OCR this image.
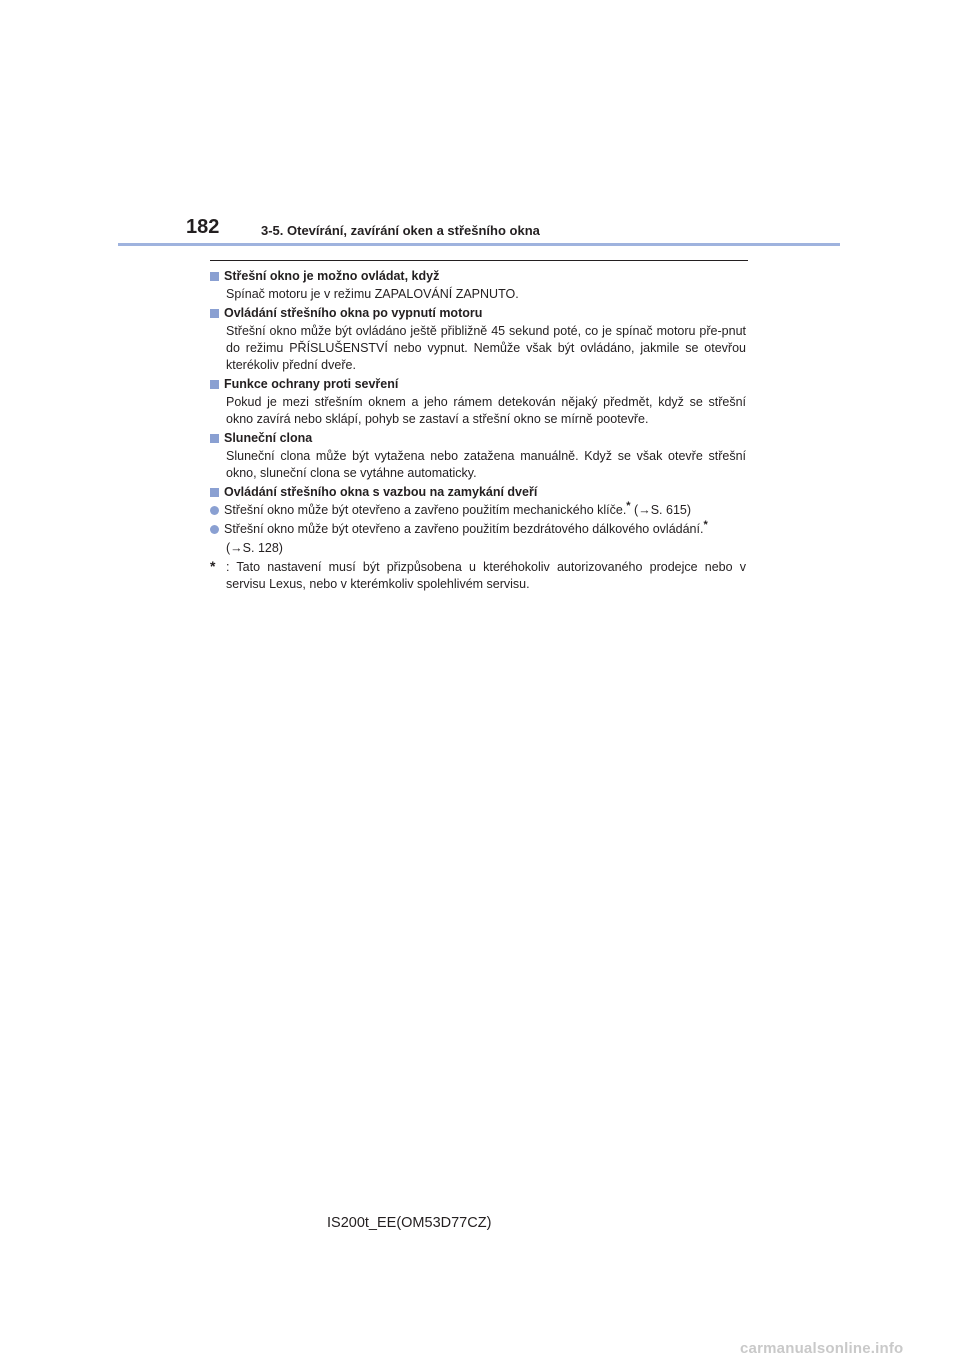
182	3-5. Otevírání, zavírání oken a střešního okna
Střešní okno je možno ovládat, když
Spínač motoru je v režimu ZAPALOVÁNÍ ZAPNUTO.
Ovládání střešního okna po vypnutí motoru
Střešní okno může být ovládáno ještě přibližně 45 sekund poté, co je spínač motoru pře-pnut do režimu PŘÍSLUŠENSTVÍ nebo vypnut. Nemůže však být ovládáno, jakmile se otevřou kterékoliv přední dveře.
Funkce ochrany proti sevření
Pokud je mezi střešním oknem a jeho rámem detekován nějaký předmět, když se střešní okno zavírá nebo sklápí, pohyb se zastaví a střešní okno se mírně pootevře.
Sluneční clona
Sluneční clona může být vytažena nebo zatažena manuálně. Když se však otevře střešní okno, sluneční clona se vytáhne automaticky.
Ovládání střešního okna s vazbou na zamykání dveří
Střešní okno může být otevřeno a zavřeno použitím mechanického klíče.* (→S. 615)
Střešní okno může být otevřeno a zavřeno použitím bezdrátového dálkového ovládání.*
(→S. 128)
* : Tato nastavení musí být přizpůsobena u kteréhokoliv autorizovaného prodejce nebo v servisu Lexus, nebo v kterémkoliv spolehlivém servisu.
IS200t_EE(OM53D77CZ)
carmanualsonline.info
